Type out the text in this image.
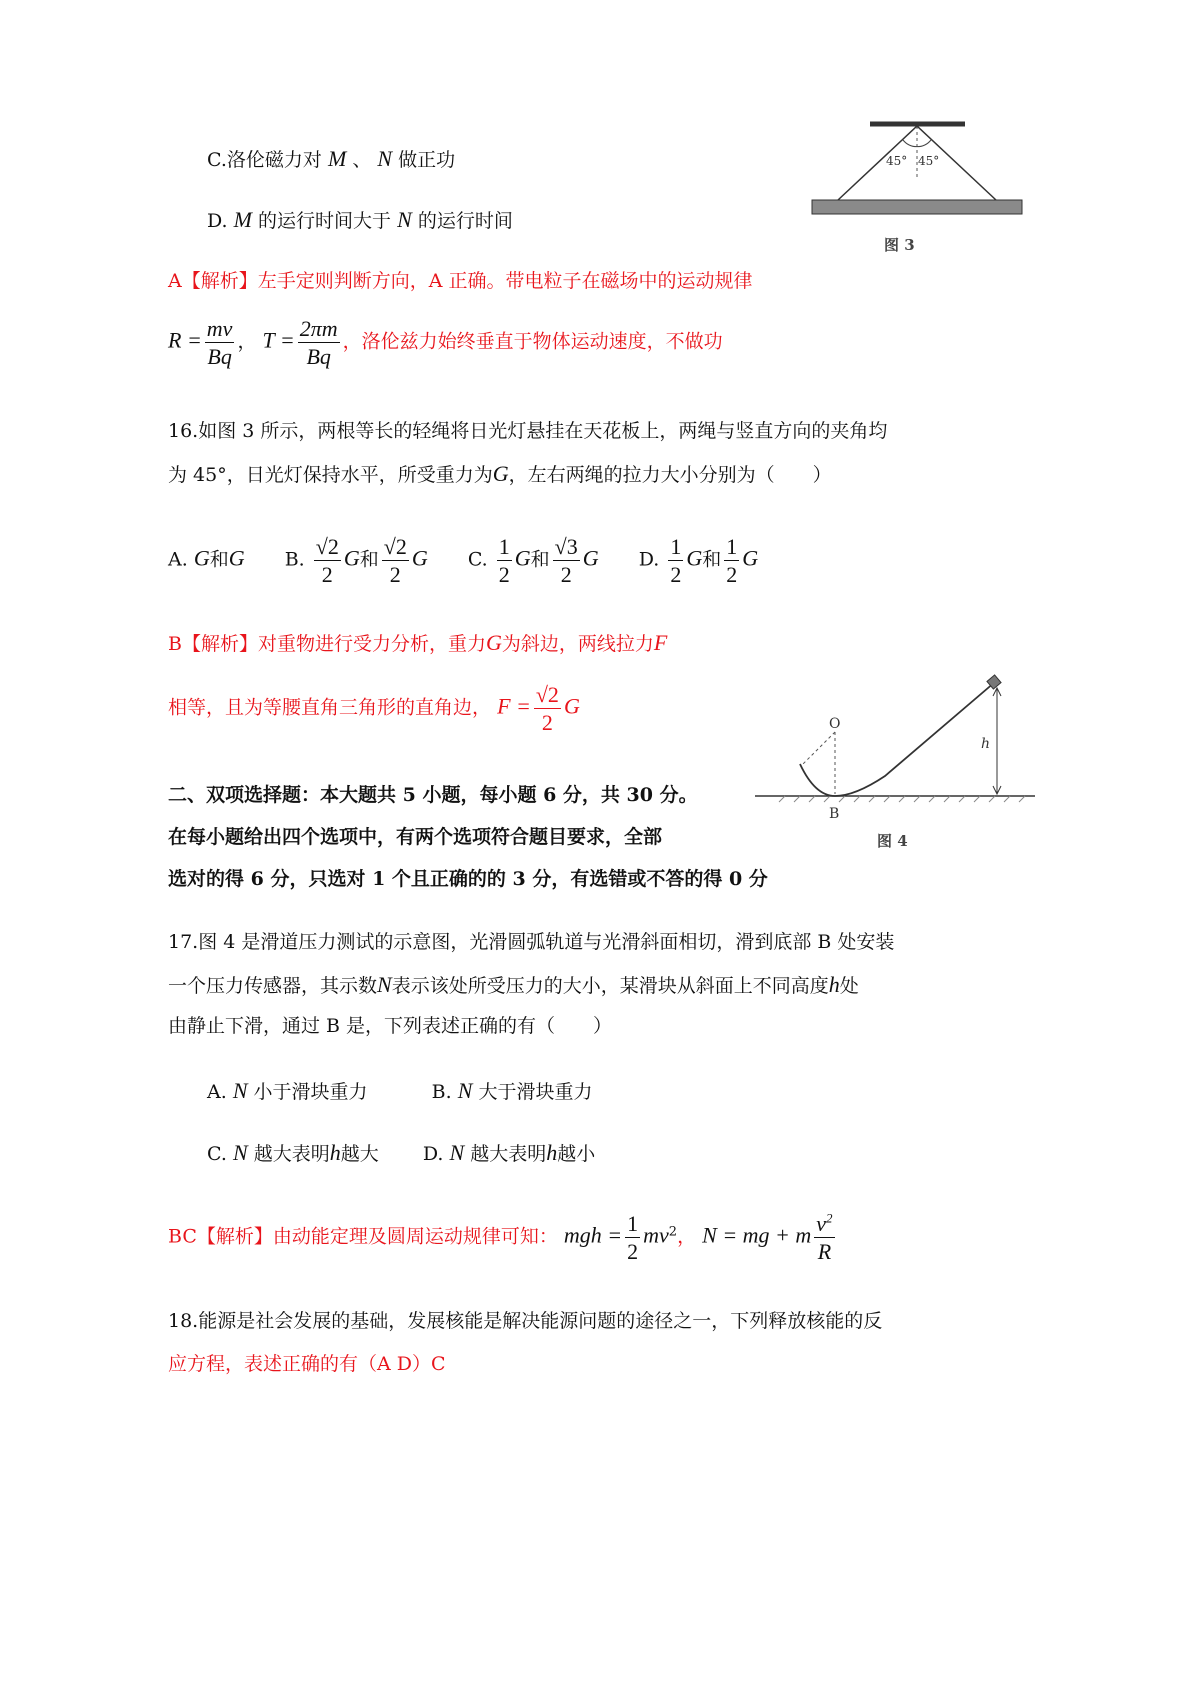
C.洛伦磁力对 M 、 N 做正功
D. M 的运行时间大于 N 的运行时间
A【解析】左手定则判断方向，A 正确。带电粒子在磁场中的运动规律
$R = \frac{mv}{Bq}$ ， $T = \frac{2\pi m}{Bq}$ ，洛伦兹力始终垂直于物体运动速度，不做功
45° 45°
图 3
16.如图 3 所示，两根等长的轻绳将日光灯悬挂在天花板上，两绳与竖直方向的夹角均
为 45°，日光灯保持水平，所受重力为G，左右两绳的拉力大小分别为（　　）
A. G和G B. $\frac{√2}{2}$ G和 $\frac{√2}{2}$ G C. $\frac{1}{2}$ G和 $\frac{√3}{2}$ G D. $\frac{1}{2}$ G和 $\frac{1}{2}$ G
B【解析】对重物进行受力分析，重力G为斜边，两线拉力F
相等，且为等腰直角三角形的直角边， $F = \frac{√2}{2}$ G
二、双项选择题：本大题共 5 小题，每小题 6 分，共 30 分。
在每小题给出四个选项中，有两个选项符合题目要求，全部
选对的得 6 分，只选对 1 个且正确的的 3 分，有选错或不答的得 0 分
O
h
B
图 4
17.图 4 是滑道压力测试的示意图，光滑圆弧轨道与光滑斜面相切，滑到底部 B 处安装
一个压力传感器，其示数N表示该处所受压力的大小，某滑块从斜面上不同高度h处
由静止下滑，通过 B 是，下列表述正确的有（　　）
A. N 小于滑块重力	B. N 大于滑块重力
C. N 越大表明h越大 D. N 越大表明h越小
BC【解析】由动能定理及圆周运动规律可知： mgh = $\frac{1}{2} mv^2$， N = mg + m $\frac{v^2}{R}$
18.能源是社会发展的基础，发展核能是解决能源问题的途径之一，下列释放核能的反
应方程，表述正确的有（A D）C
